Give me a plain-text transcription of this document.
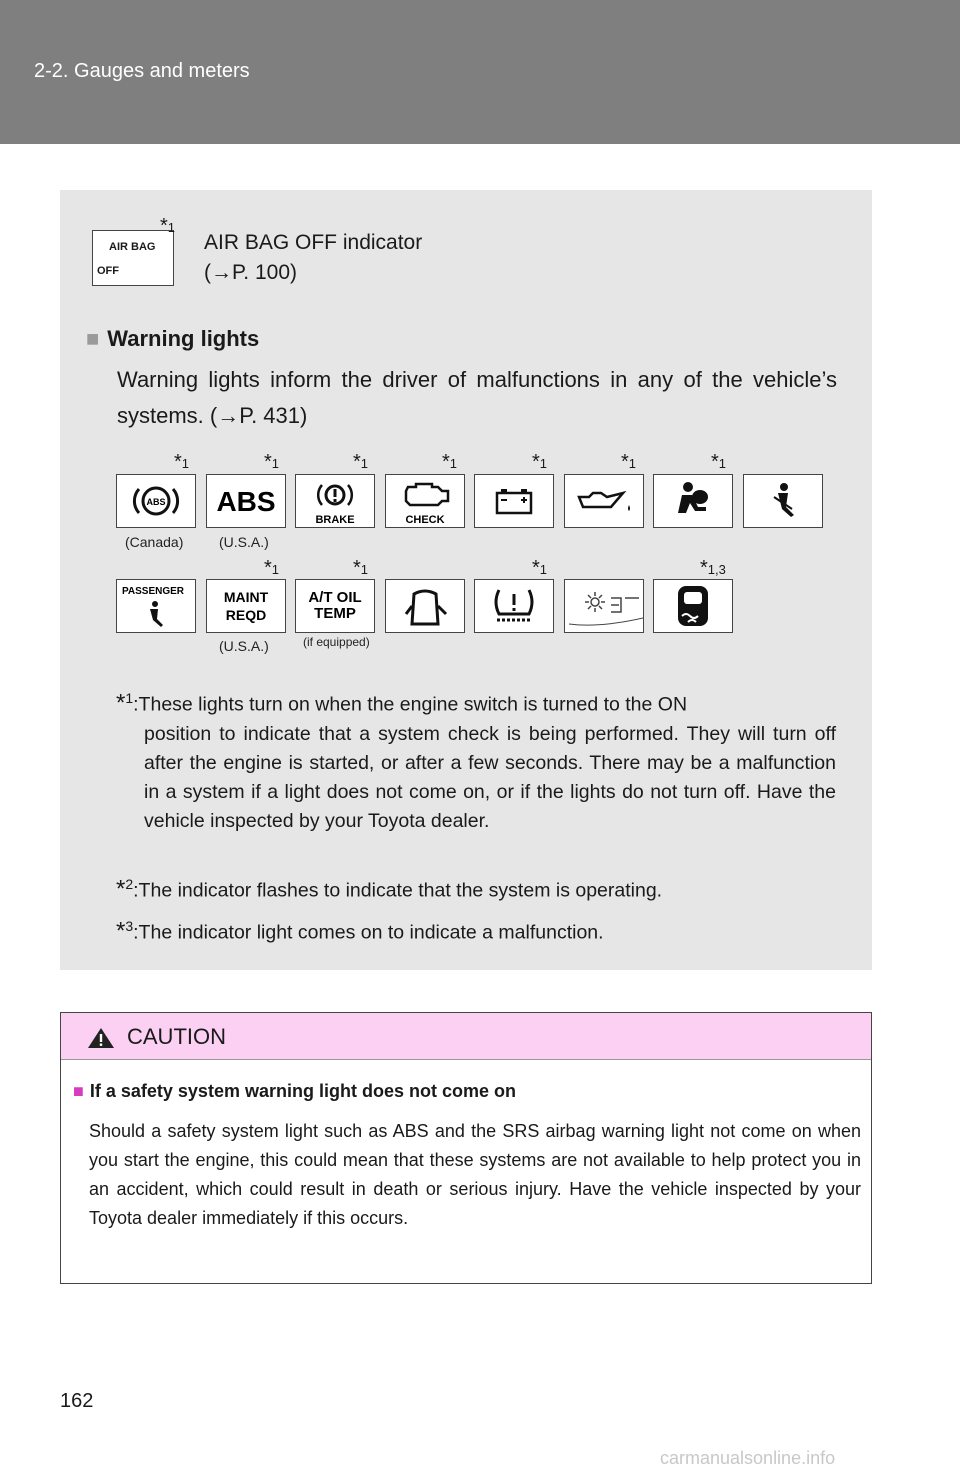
2-2. Gauges and meters
AIR BAG
OFF
*1
AIR BAG OFF indicator
(→P. 100)
■ Warning lights
Warning lights inform the driver of malfunctions in any of the vehicle’s systems. (→P. 431)
*1	*1	*1	*1	*1	*1	*1
ABS ABS
BRAKE	CHECK
(Canada)	(U.S.A.)
*1	*1	*1	*1,3
PASSENGER	MAINT
REQD
A/T OIL
TEMP
(U.S.A.)	(if equipped)
*$^1$:These lights turn on when the engine switch is turned to the ON
position to indicate that a system check is being performed. They will turn off after the engine is started, or after a few seconds. There may be a malfunction in a system if a light does not come on, or if the lights do not turn off. Have the vehicle inspected by your Toyota dealer.
*$^2$:The indicator flashes to indicate that the system is operating.
*$^3$:The indicator light comes on to indicate a malfunction.
CAUTION
■ If a safety system warning light does not come on
Should a safety system light such as ABS and the SRS airbag warning light not come on when you start the engine, this could mean that these systems are not available to help protect you in an accident, which could result in death or serious injury. Have the vehicle inspected by your Toyota dealer immediately if this occurs.
162
carmanualsonline.info
